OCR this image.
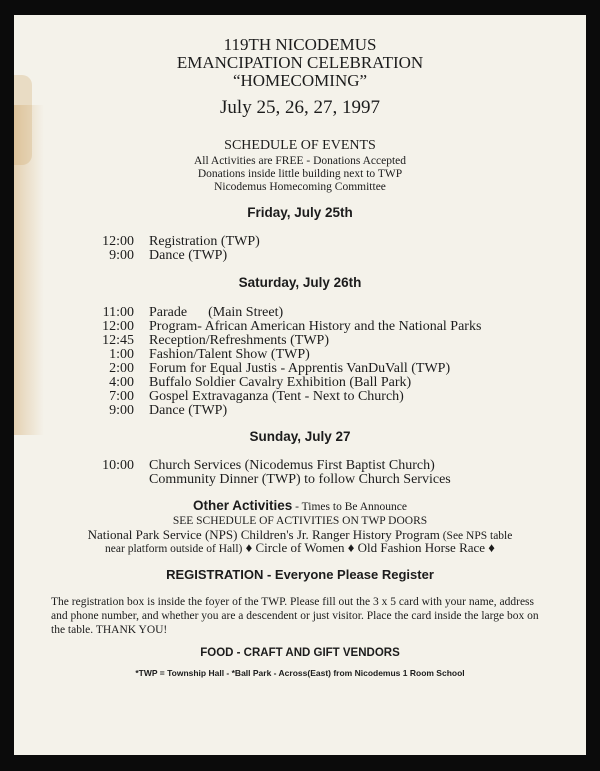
119TH NICODEMUS
EMANCIPATION CELEBRATION
“HOMECOMING”
July 25, 26, 27, 1997
SCHEDULE OF EVENTS
All Activities are FREE - Donations Accepted
Donations inside little building next to TWP
Nicodemus Homecoming Committee
Friday, July 25th
12:00 Registration (TWP)
9:00 Dance (TWP)
Saturday, July 26th
11:00 Parade      (Main Street)
12:00 Program- African American History and the National Parks
12:45 Reception/Refreshments (TWP)
1:00 Fashion/Talent Show (TWP)
2:00 Forum for Equal Justis - Apprentis VanDuVall (TWP)
4:00 Buffalo Soldier Cavalry Exhibition (Ball Park)
7:00 Gospel Extravaganza (Tent - Next to Church)
9:00 Dance (TWP)
Sunday, July 27
10:00 Church Services (Nicodemus First Baptist Church)
Community Dinner (TWP) to follow Church Services
Other Activities - Times to Be Announce
SEE SCHEDULE OF ACTIVITIES ON TWP DOORS
National Park Service (NPS) Children's Jr. Ranger History Program (See NPS table
near platform outside of Hall) ♦ Circle of Women ♦ Old Fashion Horse Race ♦
REGISTRATION - Everyone Please Register
The registration box is inside the foyer of the TWP. Please fill out the 3 x 5 card with your name, address and phone number, and whether you are a descendent or just visitor. Place the card inside the large box on the table. THANK YOU!
FOOD - CRAFT AND GIFT VENDORS
*TWP = Township Hall - *Ball Park - Across(East) from Nicodemus 1 Room School
